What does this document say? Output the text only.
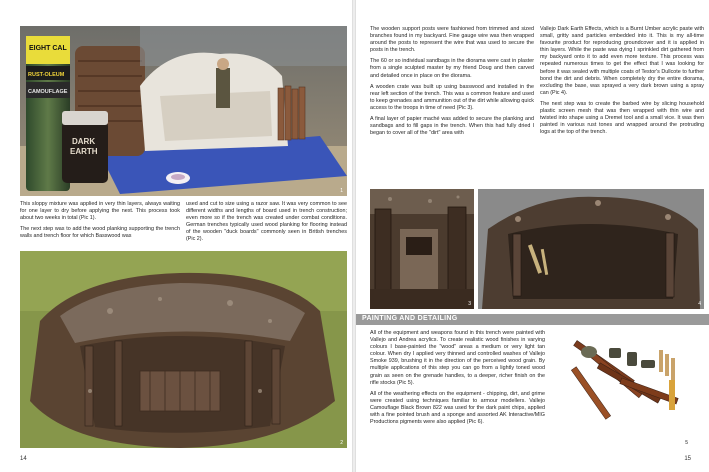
EIGHT CAL
RUST-OLEUM
CAMOUFLAGE
DARK
EARTH
1

This sloppy mixture was applied in very thin layers, always waiting for one layer to dry before applying the next. This process took about two weeks in total (Pic 1).

The next step was to add the wood planking supporting the trench walls and trench floor for which Basswood was

used and cut to size using a razor saw. It was very common to see different widths and lengths of board used in trench construction; even more so if the trench was created under combat conditions. German trenches typically used wood planking for flooring instead of the wooden "duck boards" commonly seen in British trenches (Pic 2).

2
14

The wooden support posts were fashioned from trimmed and sized branches found in my backyard. Fine gauge wire was then wrapped around the posts to represent the wire that was used to secure the posts in the trench.

The 60 or so individual sandbags in the diorama were cast in plaster from a single sculpted master by my friend Doug and then carved and detailed once in place on the diorama.

A wooden crate was built up using basswood and installed in the rear left section of the trench. This was a common feature and used to keep grenades and ammunition out of the dirt while allowing quick access to the troops in time of need (Pic 3).

A final layer of papier maché was added to secure the planking and sandbags and to fill gaps in the trench. When this had fully dried I began to cover all of the "dirt" area with

Vallejo Dark Earth Effects, which is a Burnt Umber acrylic paste with small, gritty sand particles embedded into it. This is my all-time favourite product for reproducing groundcover and it is applied in thin layers. While the paste was dying I sprinkled dirt gathered from my backyard onto it to add even more texture. This process was repeated numerous times to get the effect that I was looking for before it was sealed with multiple coats of Testor's Dullcote to further bond the dirt and debris. When completely dry the entire diorama, excluding the base, was sprayed a very dark brown using a spray can (Pic 4).

The next step was to create the barbed wire by slicing household plastic screen mesh that was then wrapped with thin wire and twisted into shape using a Dremel tool and a small vice. It was then painted in various rust tones and wrapped around the protruding logs at the top of the trench.

3	4
15
PAINTING AND DETAILING

All of the equipment and weapons found in this trench were painted with Vallejo and Andrea acrylics. To create realistic wood finishes in varying colours I base-painted the "wood" areas a medium or very light tan colour. When dry I applied very thinned and controlled washes of Vallejo Smoke 939, brushing it in the direction of the perceived wood grain. By multiple applications of this step you can go from a lightly toned wood grain as seen on the grenade handles, to a deeper, richer finish on the rifle stocks (Pic 5).

All of the weathering effects on the equipment - chipping, dirt, and grime were created using techniques familiar to armour modellers. Vallejo Camouflage Black Brown 822 was used for the dark paint chips, applied with a fine pointed brush and a sponge and assorted AK Interactive/MIG Productions pigments were also applied (Pic 6).

5
